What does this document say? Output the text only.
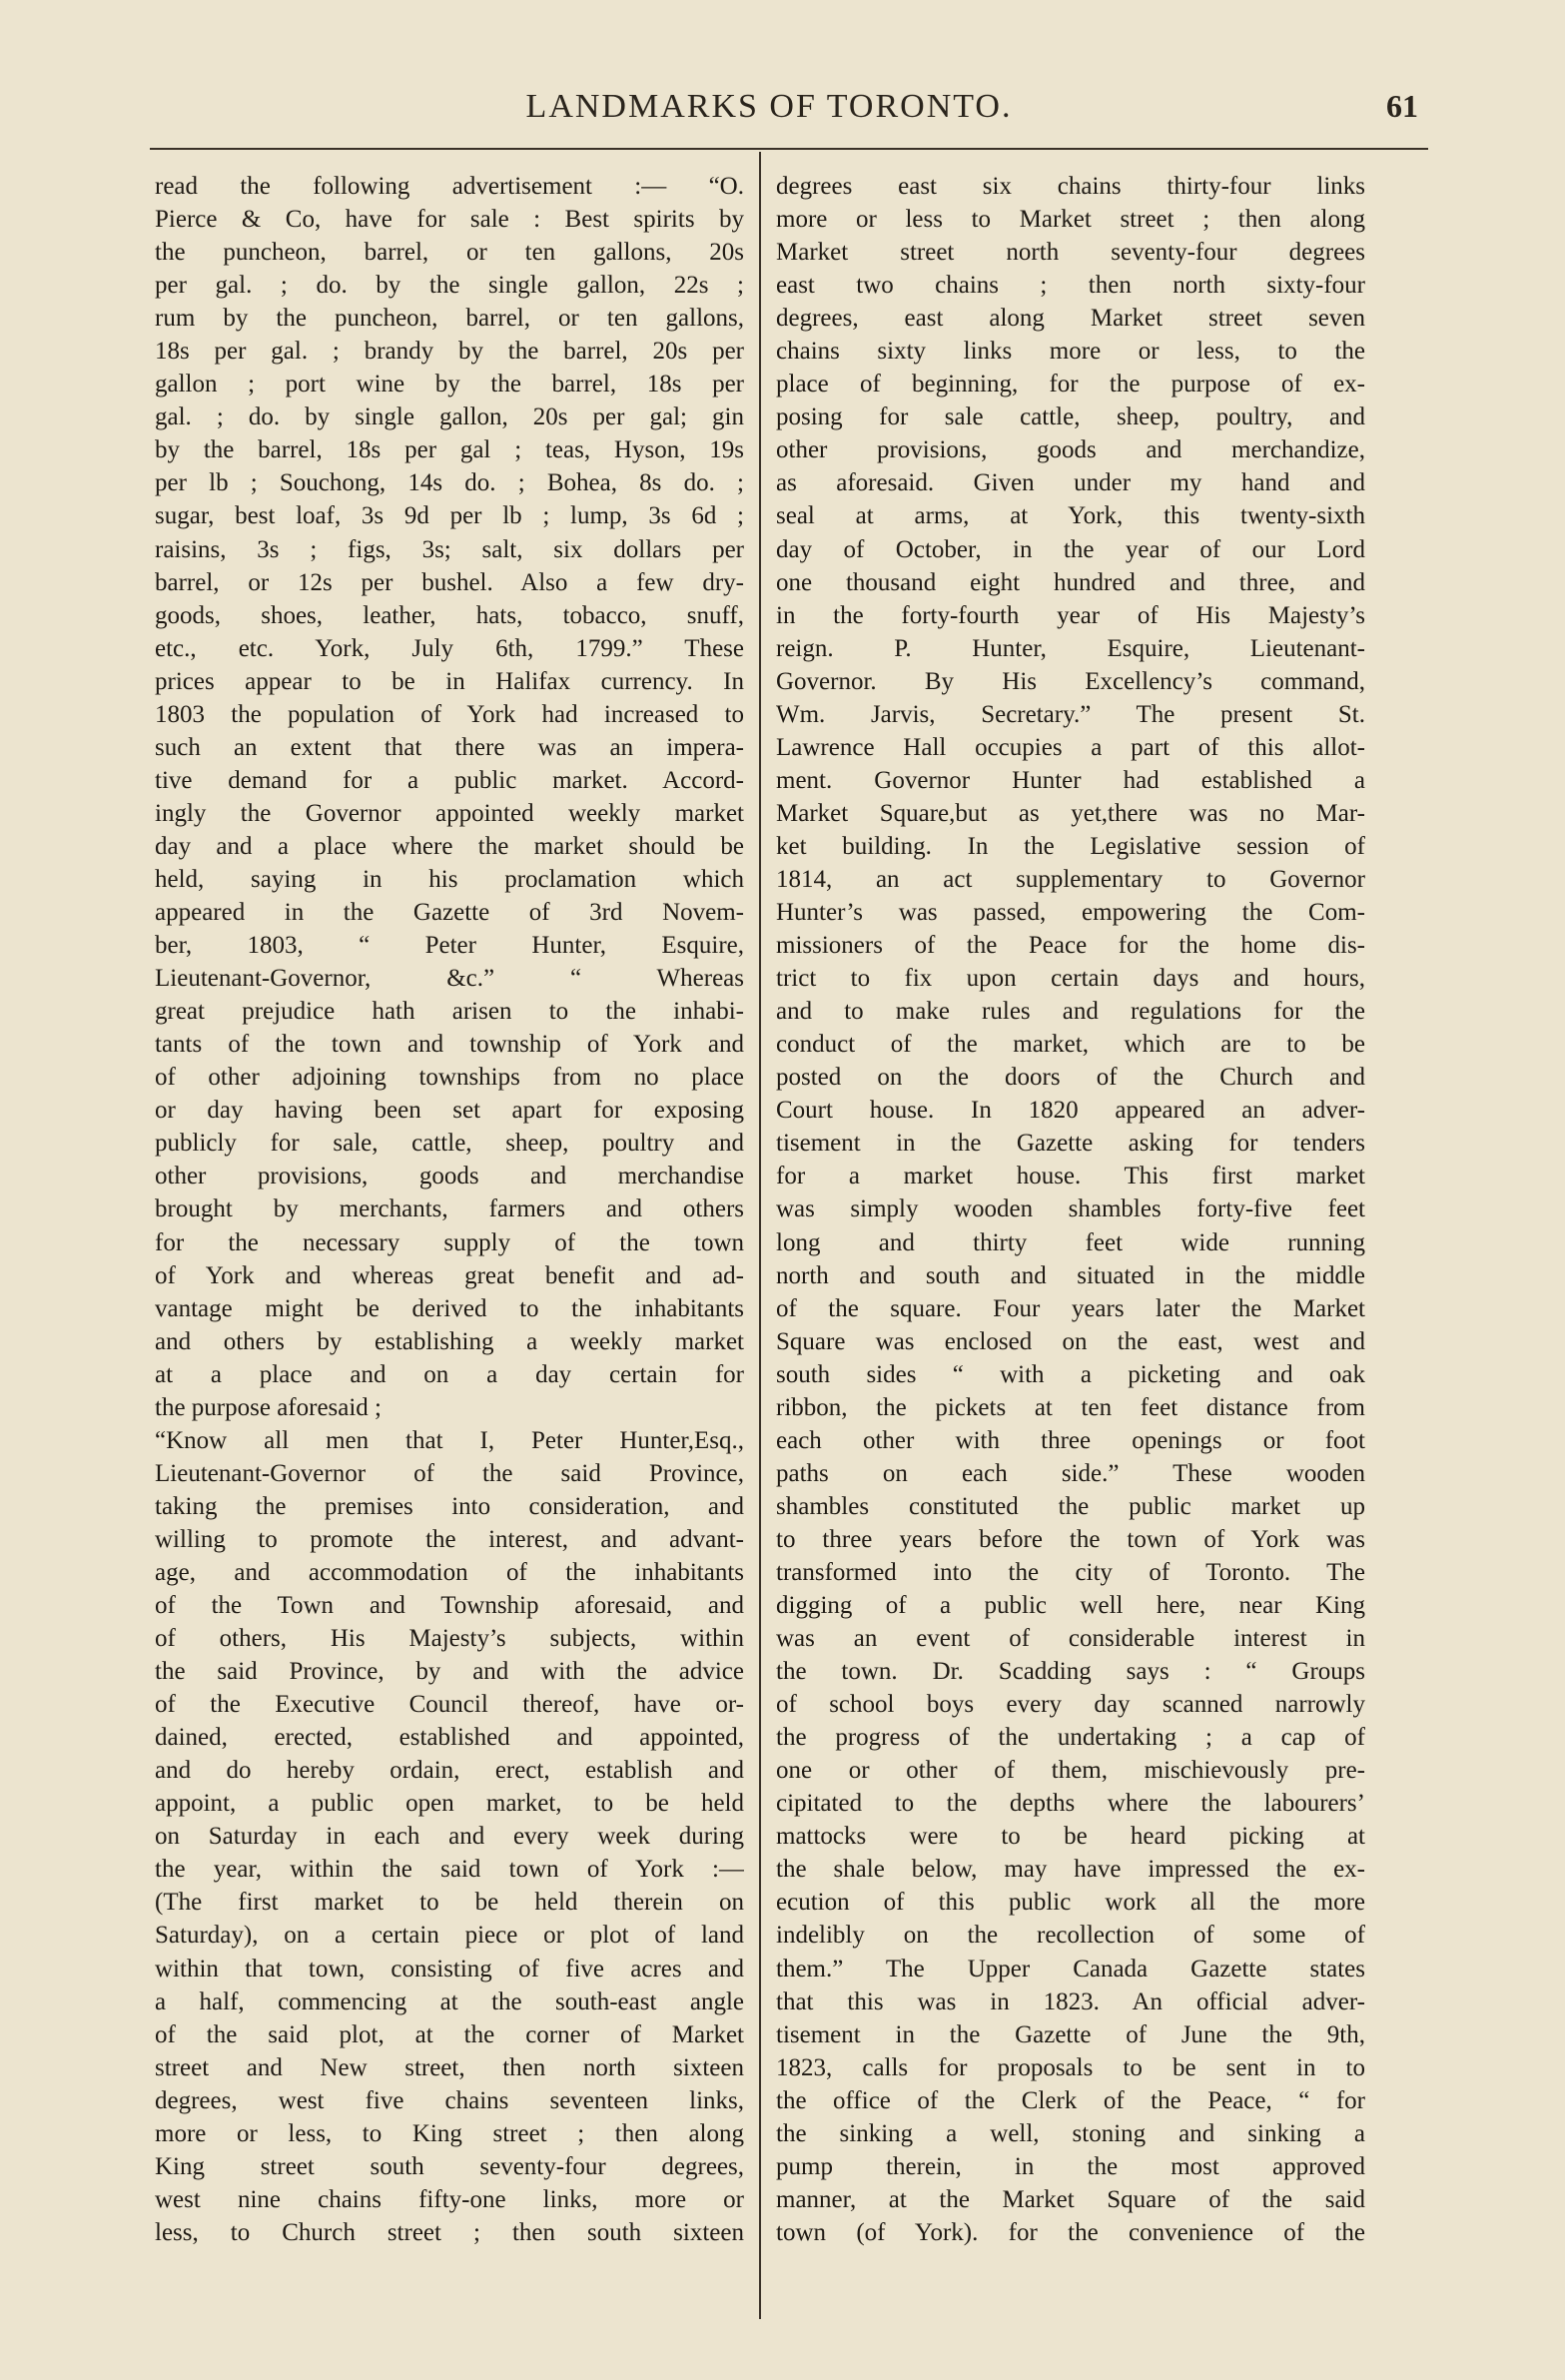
LANDMARKS OF TORONTO.	61
read the following advertisement :— “O.
Pierce & Co, have for sale : Best spirits by
the puncheon, barrel, or ten gallons, 20s
per gal. ; do. by the single gallon, 22s ;
rum by the puncheon, barrel, or ten gallons,
18s per gal. ; brandy by the barrel, 20s per
gallon ; port wine by the barrel, 18s per
gal. ; do. by single gallon, 20s per gal; gin
by the barrel, 18s per gal ; teas, Hyson, 19s
per lb ; Souchong, 14s do. ; Bohea, 8s do. ;
sugar, best loaf, 3s 9d per lb ; lump, 3s 6d ;
raisins, 3s ; figs, 3s; salt, six dollars per
barrel, or 12s per bushel. Also a few dry-
goods, shoes, leather, hats, tobacco, snuff,
etc., etc. York, July 6th, 1799.” These
prices appear to be in Halifax currency. In
1803 the population of York had increased to
such an extent that there was an impera-
tive demand for a public market. Accord-
ingly the Governor appointed weekly market
day and a place where the market should be
held, saying in his proclamation which
appeared in the Gazette of 3rd Novem-
ber, 1803, “ Peter Hunter, Esquire,
Lieutenant-Governor, &c.” “ Whereas
great prejudice hath arisen to the inhabi-
tants of the town and township of York and
of other adjoining townships from no place
or day having been set apart for exposing
publicly for sale, cattle, sheep, poultry and
other provisions, goods and merchandise
brought by merchants, farmers and others
for the necessary supply of the town
of York and whereas great benefit and ad-
vantage might be derived to the inhabitants
and others by establishing a weekly market
at a place and on a day certain for
the purpose aforesaid ;
“Know all men that I, Peter Hunter,Esq.,
Lieutenant-Governor of the said Province,
taking the premises into consideration, and
willing to promote the interest, and advant-
age, and accommodation of the inhabitants
of the Town and Township aforesaid, and
of others, His Majesty’s subjects, within
the said Province, by and with the advice
of the Executive Council thereof, have or-
dained, erected, established and appointed,
and do hereby ordain, erect, establish and
appoint, a public open market, to be held
on Saturday in each and every week during
the year, within the said town of York :—
(The first market to be held therein on
Saturday), on a certain piece or plot of land
within that town, consisting of five acres and
a half, commencing at the south-east angle
of the said plot, at the corner of Market
street and New street, then north sixteen
degrees, west five chains seventeen links,
more or less, to King street ; then along
King street south seventy-four degrees,
west nine chains fifty-one links, more or
less, to Church street ; then south sixteen
degrees east six chains thirty-four links
more or less to Market street ; then along
Market street north seventy-four degrees
east two chains ; then north sixty-four
degrees, east along Market street seven
chains sixty links more or less, to the
place of beginning, for the purpose of ex-
posing for sale cattle, sheep, poultry, and
other provisions, goods and merchandize,
as aforesaid. Given under my hand and
seal at arms, at York, this twenty-sixth
day of October, in the year of our Lord
one thousand eight hundred and three, and
in the forty-fourth year of His Majesty’s
reign. P. Hunter, Esquire, Lieutenant-
Governor. By His Excellency’s command,
Wm. Jarvis, Secretary.” The present St.
Lawrence Hall occupies a part of this allot-
ment. Governor Hunter had established a
Market Square,but as yet,there was no Mar-
ket building. In the Legislative session of
1814, an act supplementary to Governor
Hunter’s was passed, empowering the Com-
missioners of the Peace for the home dis-
trict to fix upon certain days and hours,
and to make rules and regulations for the
conduct of the market, which are to be
posted on the doors of the Church and
Court house. In 1820 appeared an adver-
tisement in the Gazette asking for tenders
for a market house. This first market
was simply wooden shambles forty-five feet
long and thirty feet wide running
north and south and situated in the middle
of the square. Four years later the Market
Square was enclosed on the east, west and
south sides “ with a picketing and oak
ribbon, the pickets at ten feet distance from
each other with three openings or foot
paths on each side.” These wooden
shambles constituted the public market up
to three years before the town of York was
transformed into the city of Toronto. The
digging of a public well here, near King
was an event of considerable interest in
the town. Dr. Scadding says : “ Groups
of school boys every day scanned narrowly
the progress of the undertaking ; a cap of
one or other of them, mischievously pre-
cipitated to the depths where the labourers’
mattocks were to be heard picking at
the shale below, may have impressed the ex-
ecution of this public work all the more
indelibly on the recollection of some of
them.” The Upper Canada Gazette states
that this was in 1823. An official adver-
tisement in the Gazette of June the 9th,
1823, calls for proposals to be sent in to
the office of the Clerk of the Peace, “ for
the sinking a well, stoning and sinking a
pump therein, in the most approved
manner, at the Market Square of the said
town (of York). for the convenience of the
